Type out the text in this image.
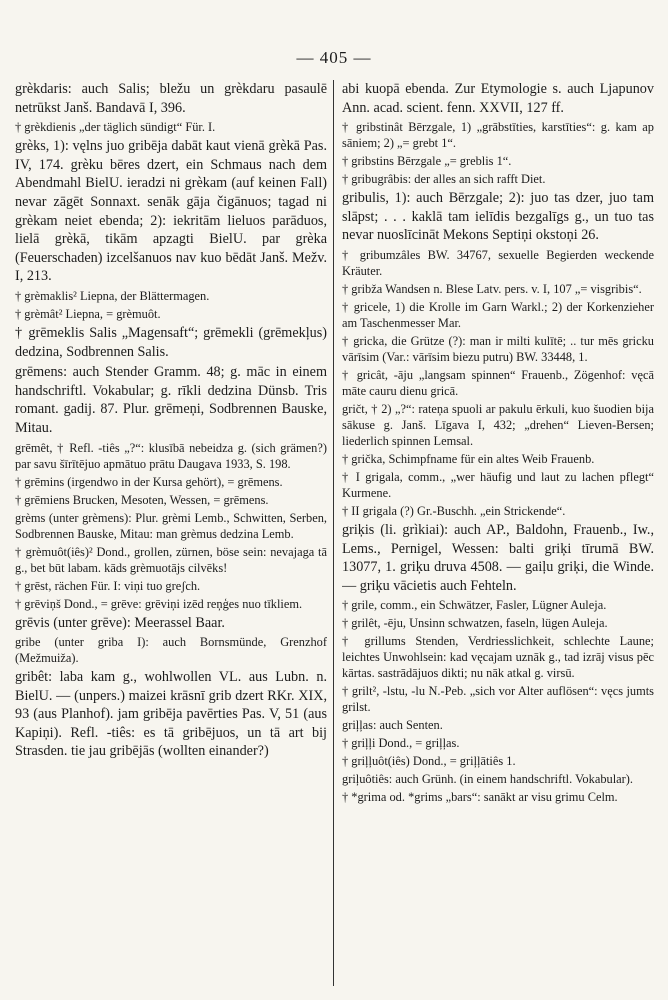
— 405 —

grèkdaris: auch Salis; bležu un grèkdaru pasaulē netrūkst Janš. Bandavā I, 396.

† grèkdienis „der täglich sündigt“ Für. I.

grèks, 1): vęlns juo gribēja dabāt kaut vienā grèkā Pas. IV, 174. grèku bēres dzert, ein Schmaus nach dem Abendmahl BielU. ieradzi ni grèkam (auf keinen Fall) nevar zāgēt Sonnaxt. senāk gāja čigānuos; tagad ni grèkam neiet ebenda; 2): iekritām lieluos parāduos, lielā grèkā, tikām apzagti BielU. par grèka (Feuerschaden) izcelšanuos nav kuo bēdāt Janš. Mežv. I, 213.

† grèmaklis² Liepna, der Blättermagen.

† grèmât² Liepna, = grèmuôt.

† grēmeklis Salis „Magensaft“; grēmekli (grēmekļus) dedzina, Sodbrennen Salis.

grēmens: auch Stender Gramm. 48; g. māc in einem handschriftl. Vokabular; g. rīkli dedzina Dünsb. Tris romant. gadij. 87. Plur. grēmeņi, Sodbrennen Bauske, Mitau.

grēmêt, † Refl. -tiês „?“: klusībā nebeidza g. (sich grämen?) par savu šīrītējuo apmātuo prātu Daugava 1933, S. 198.

† grēmins (irgendwo in der Kursa gehört), = grēmens.

† grēmiens Brucken, Mesoten, Wessen, = grēmens.

grèms (unter grèmens): Plur. grèmi Lemb., Schwitten, Serben, Sodbrennen Bauske, Mitau: man grèmus dedzina Lemb.

† grèmuôt(iês)² Dond., grollen, zürnen, böse sein: nevajaga tā g., bet būt labam. kāds grèmuotājs cilvēks!

† grēst, rächen Für. I: viņi tuo greʃch.

† grēviņš Dond., = grēve: grēviņi izēd reņģes nuo tīkliem.

grēvis (unter grēve): Meerassel Baar.

gribe (unter griba I): auch Bornsmünde, Grenzhof (Mežmuiža).

gribêt: laba kam g., wohlwollen VL. aus Lubn. n. BielU. — (unpers.) maizei krāsnī grib dzert RKr. XIX, 93 (aus Planhof). jam gribēja pavērties Pas. V, 51 (aus Kapiņi). Refl. -tiês: es tā gribējuos, un tā art bij Strasden. tie jau gribējās (wollten einander?)

abi kuopā ebenda. Zur Etymologie s. auch Ljapunov Ann. acad. scient. fenn. XXVII, 127 ff.

† gribstinât Bērzgale, 1) „grābstīties, karstīties“: g. kam ap sāniem; 2) „= grebt 1“.

† gribstins Bērzgale „= greblis 1“.

† gribugrâbis: der alles an sich rafft Diet.

gribulis, 1): auch Bērzgale; 2): juo tas dzer, juo tam slāpst; . . . kaklā tam ielīdis bezgalīgs g., un tuo tas nevar nuoslīcināt Mekons Septiņi okstoņi 26.

† gribumzâles BW. 34767, sexuelle Begierden weckende Kräuter.

† gribža Wandsen n. Blese Latv. pers. v. I, 107 „= visgribis“.

† gricele, 1) die Krolle im Garn Warkl.; 2) der Korkenzieher am Taschenmesser Mar.

† gricka, die Grütze (?): man ir milti kulītē; .. tur mēs gricku vārīsim (Var.: vārīsim biezu putru) BW. 33448, 1.

† gricât, -āju „langsam spinnen“ Frauenb., Zögenhof: vęcā māte cauru dienu gricā.

gričt, † 2) „?“: rateņa spuoli ar pakulu ērkuli, kuo šuodien bija sākuse g. Janš. Līgava I, 432; „drehen“ Lieven-Bersen; liederlich spinnen Lemsal.

† grička, Schimpfname für ein altes Weib Frauenb.

† I grigala, comm., „wer häufig und laut zu lachen pflegt“ Kurmene.

† II grigala (?) Gr.-Buschh. „ein Strickende“.

griķis (li. grìkiai): auch AP., Baldohn, Frauenb., Iw., Lems., Pernigel, Wessen: balti griķi tīrumā BW. 13077, 1. griķu druva 4508. — gaiļu griķi, die Winde. — griķu vācietis auch Fehteln.

† grile, comm., ein Schwätzer, Fasler, Lügner Auleja.

† grilêt, -ēju, Unsinn schwatzen, faseln, lügen Auleja.

† grillums Stenden, Verdriesslichkeit, schlechte Laune; leichtes Unwohlsein: kad vęcajam uznāk g., tad izrāj visus pēc kārtas. sastrādājuos dikti; nu nāk atkal g. virsū.

† grilt², -lstu, -lu N.-Peb. „sich vor Alter auflösen“: vęcs jumts grilst.

griļļas: auch Senten.

† griļļi Dond., = griļļas.

† griļļuôt(iês) Dond., = griļļātiês 1.

griļuôtiês: auch Grünh. (in einem handschriftl. Vokabular).

† *grima od. *grims „bars“: sanākt ar visu grimu Celm.
